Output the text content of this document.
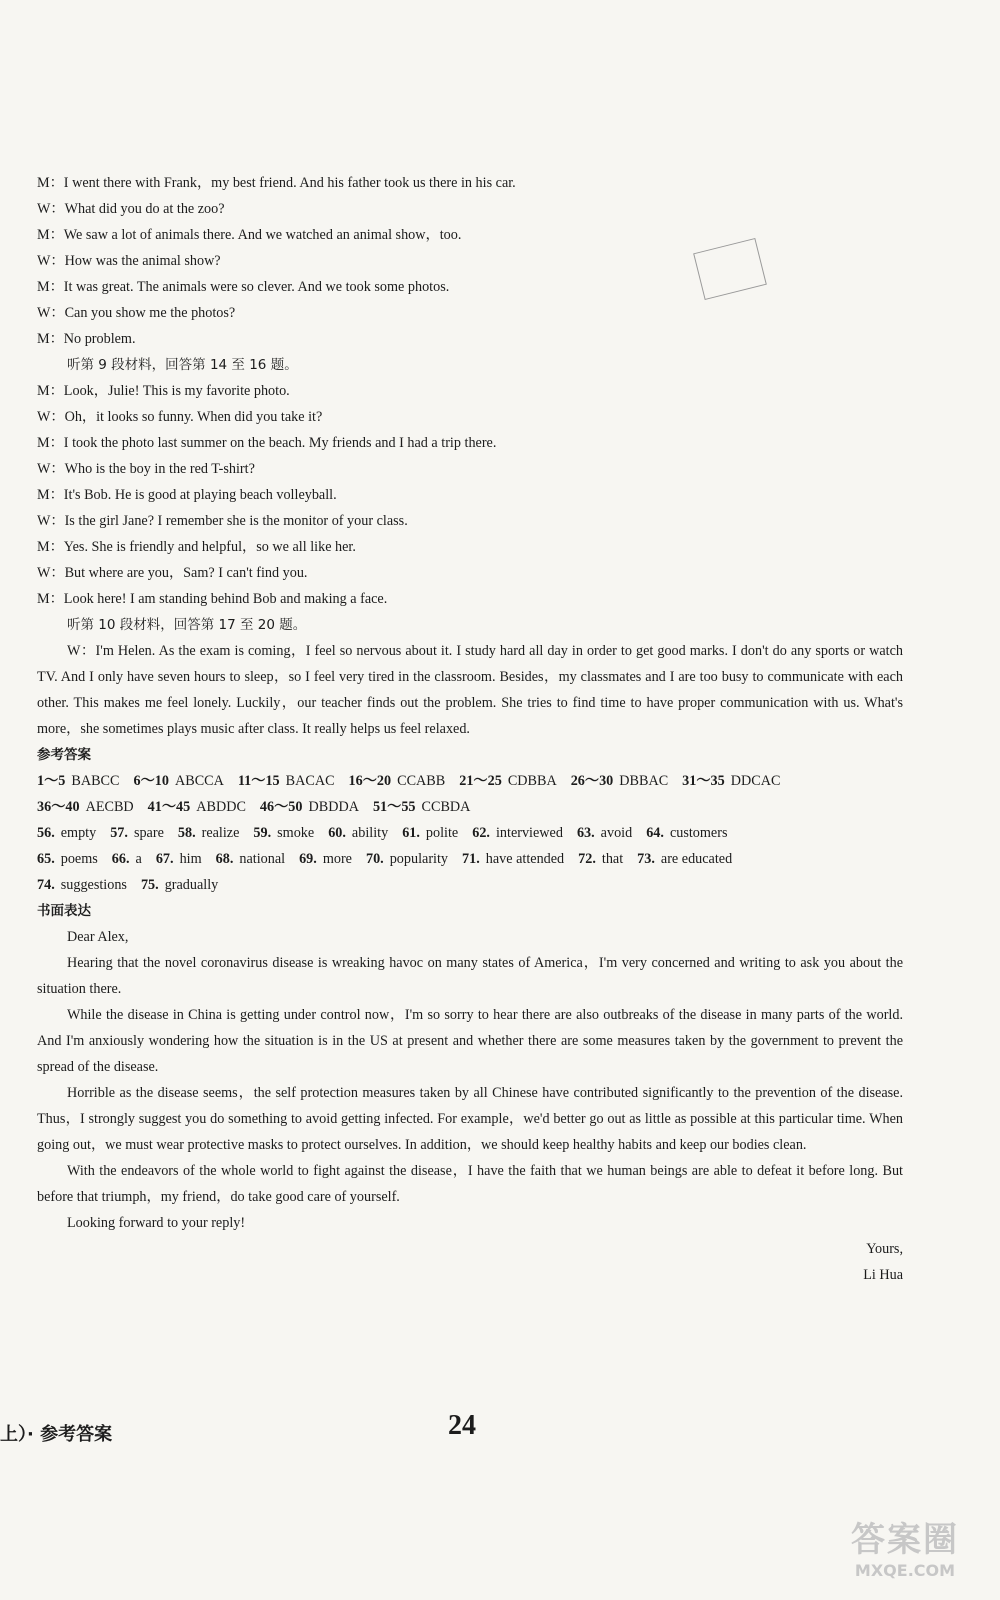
M：I went there with Frank，my best friend. And his father took us there in his car.
W：What did you do at the zoo?
M：We saw a lot of animals there. And we watched an animal show，too.
W：How was the animal show?
M：It was great. The animals were so clever. And we took some photos.
W：Can you show me the photos?
M：No problem.
听第 9 段材料，回答第 14 至 16 题。
M：Look，Julie! This is my favorite photo.
W：Oh，it looks so funny. When did you take it?
M：I took the photo last summer on the beach. My friends and I had a trip there.
W：Who is the boy in the red T-shirt?
M：It's Bob. He is good at playing beach volleyball.
W：Is the girl Jane? I remember she is the monitor of your class.
M：Yes. She is friendly and helpful，so we all like her.
W：But where are you，Sam? I can't find you.
M：Look here! I am standing behind Bob and making a face.
听第 10 段材料，回答第 17 至 20 题。
W：I'm Helen. As the exam is coming，I feel so nervous about it. I study hard all day in order to get good marks. I don't do any sports or watch TV. And I only have seven hours to sleep，so I feel very tired in the classroom. Besides，my classmates and I are too busy to communicate with each other. This makes me feel lonely. Luckily，our teacher finds out the problem. She tries to find time to have proper communication with us. What's more，she sometimes plays music after class. It really helps us feel relaxed.
参考答案
1～5 BABCC 6～10 ABCCA 11～15 BACAC 16～20 CCABB 21～25 CDBBA 26～30 DBBAC 31～35 DDCAC
36～40 AECBD 41～45 ABDDC 46～50 DBDDA 51～55 CCBDA
56. empty 57. spare 58. realize 59. smoke 60. ability 61. polite 62. interviewed 63. avoid 64. customers
65. poems 66. a 67. him 68. national 69. more 70. popularity 71. have attended 72. that 73. are educated
74. suggestions 75. gradually
书面表达
Dear Alex,
Hearing that the novel coronavirus disease is wreaking havoc on many states of America，I'm very concerned and writing to ask you about the situation there.
While the disease in China is getting under control now，I'm so sorry to hear there are also outbreaks of the disease in many parts of the world. And I'm anxiously wondering how the situation is in the US at present and whether there are some measures taken by the government to prevent the spread of the disease.
Horrible as the disease seems，the self protection measures taken by all Chinese have contributed significantly to the prevention of the disease. Thus，I strongly suggest you do something to avoid getting infected. For example，we'd better go out as little as possible at this particular time. When going out，we must wear protective masks to protect ourselves. In addition，we should keep healthy habits and keep our bodies clean.
With the endeavors of the whole world to fight against the disease，I have the faith that we human beings are able to defeat it before long. But before that triumph，my friend，do take good care of yourself.
Looking forward to your reply!
Yours,
Li Hua
上）· 参考答案	24
答案圈
MXQE.COM
